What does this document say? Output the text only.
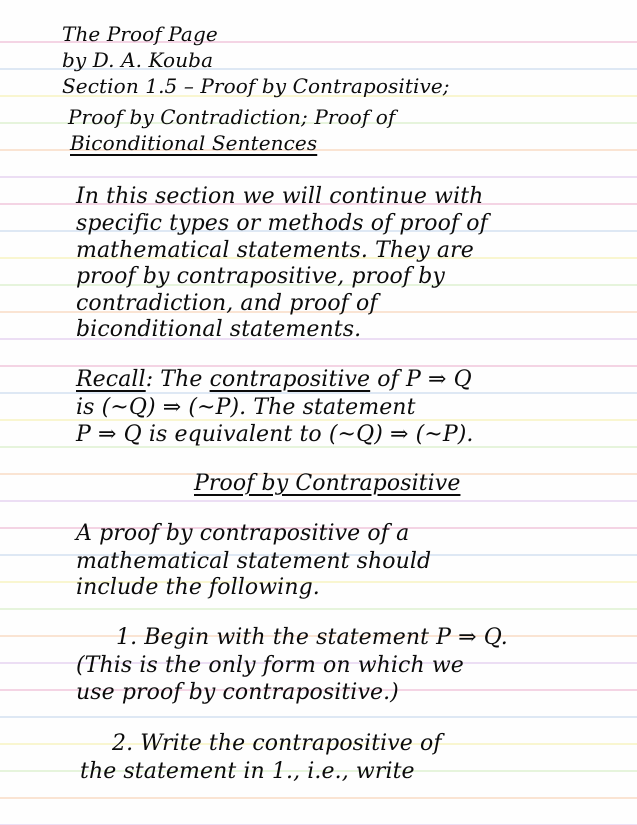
The Proof Page
by D. A. Kouba
Section 1.5 – Proof by Contrapositive;
Proof by Contradiction; Proof of
Biconditional Sentences
In this section we will continue with
specific types or methods of proof of
mathematical statements. They are
proof by contrapositive, proof by
contradiction, and proof of
biconditional statements.
Recall: The contrapositive of P ⇒ Q
is (~Q) ⇒ (~P). The statement
P ⇒ Q is equivalent to (~Q) ⇒ (~P).
Proof by Contrapositive
A proof by contrapositive of a
mathematical statement should
include the following.
1. Begin with the statement P ⇒ Q.
(This is the only form on which we
use proof by contrapositive.)
2. Write the contrapositive of
the statement in 1., i.e., write
